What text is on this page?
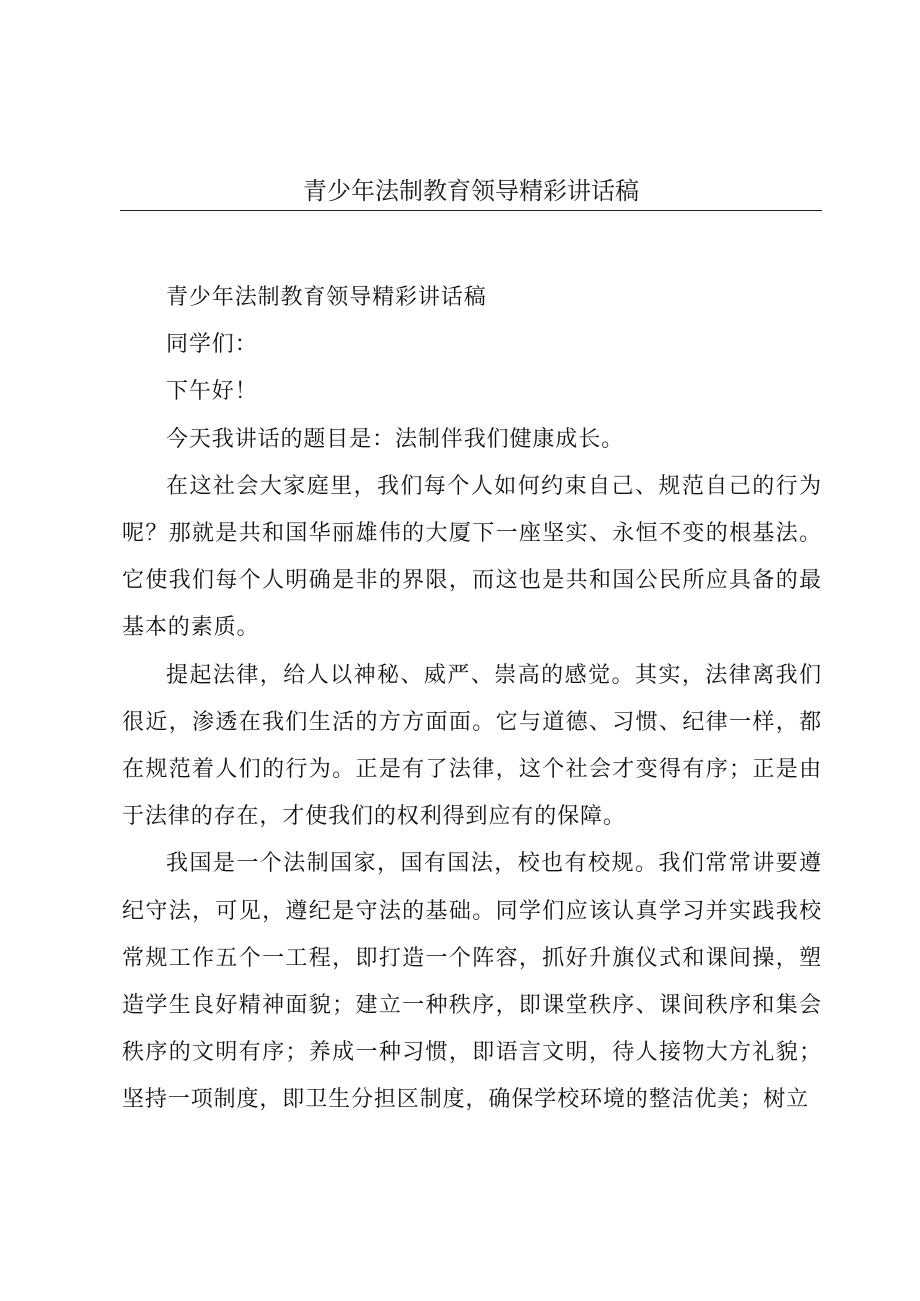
青少年法制教育领导精彩讲话稿

青少年法制教育领导精彩讲话稿

同学们：

下午好！

今天我讲话的题目是：法制伴我们健康成长。

在这社会大家庭里，我们每个人如何约束自己、规范自己的行为呢？那就是共和国华丽雄伟的大厦下一座坚实、永恒不变的根基法。它使我们每个人明确是非的界限，而这也是共和国公民所应具备的最基本的素质。

提起法律，给人以神秘、威严、崇高的感觉。其实，法律离我们很近，渗透在我们生活的方方面面。它与道德、习惯、纪律一样，都在规范着人们的行为。正是有了法律，这个社会才变得有序；正是由于法律的存在，才使我们的权利得到应有的保障。

我国是一个法制国家，国有国法，校也有校规。我们常常讲要遵纪守法，可见，遵纪是守法的基础。同学们应该认真学习并实践我校常规工作五个一工程，即打造一个阵容，抓好升旗仪式和课间操，塑造学生良好精神面貌；建立一种秩序，即课堂秩序、课间秩序和集会秩序的文明有序；养成一种习惯，即语言文明，待人接物大方礼貌；坚持一项制度，即卫生分担区制度，确保学校环境的整洁优美；树立
